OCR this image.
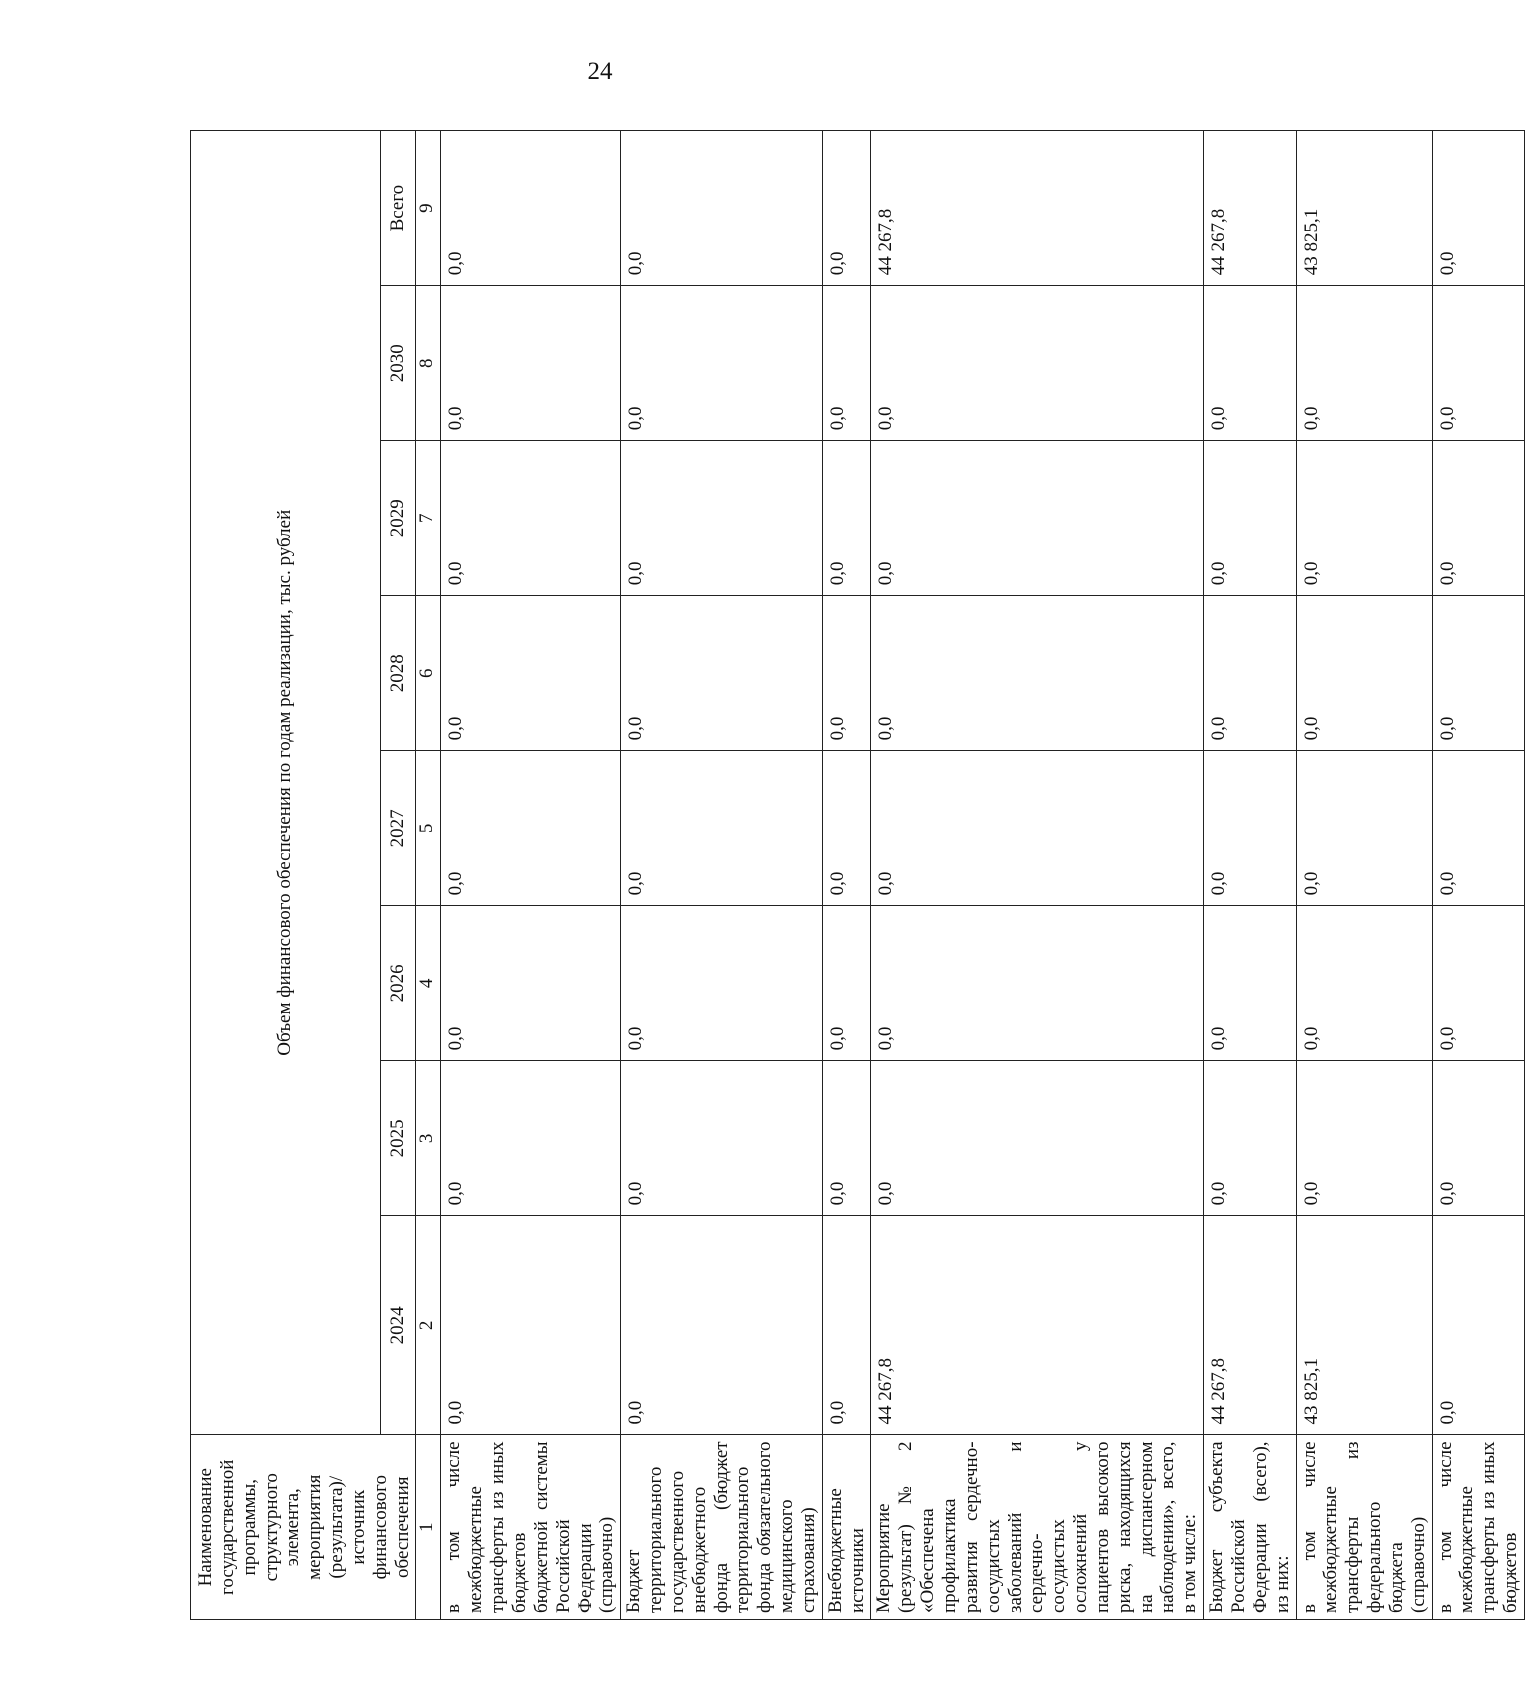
24
Наименование государственной программы, структурного элемента, мероприятия (результата)/источник финансового обеспечения	Объем финансового обеспечения по годам реализации, тыс. рублей							
	2024	2025	2026	2027	2028	2029	2030	Всего
1	2	3	4	5	6	7	8	9
в том числе межбюджетные трансферты из иных бюджетов бюджетной системы Российской Федерации (справочно)	0,0	0,0	0,0	0,0	0,0	0,0	0,0	0,0
Бюджет территориального государственного внебюджетного фонда (бюджет территориального фонда обязательного медицинского страхования)	0,0	0,0	0,0	0,0	0,0	0,0	0,0	0,0
Внебюджетные источники	0,0	0,0	0,0	0,0	0,0	0,0	0,0	0,0
Мероприятие (результат) № 2 «Обеспечена профилактика развития сердечно-сосудистых заболеваний и сердечно-сосудистых осложнений у пациентов высокого риска, находящихся на диспансерном наблюдении», всего, в том числе:	44 267,8	0,0	0,0	0,0	0,0	0,0	0,0	44 267,8
Бюджет субъекта Российской Федерации (всего), из них:	44 267,8	0,0	0,0	0,0	0,0	0,0	0,0	44 267,8
в том числе межбюджетные трансферты из федерального бюджета (справочно)	43 825,1	0,0	0,0	0,0	0,0	0,0	0,0	43 825,1
в том числе межбюджетные трансферты из иных бюджетов	0,0	0,0	0,0	0,0	0,0	0,0	0,0	0,0
